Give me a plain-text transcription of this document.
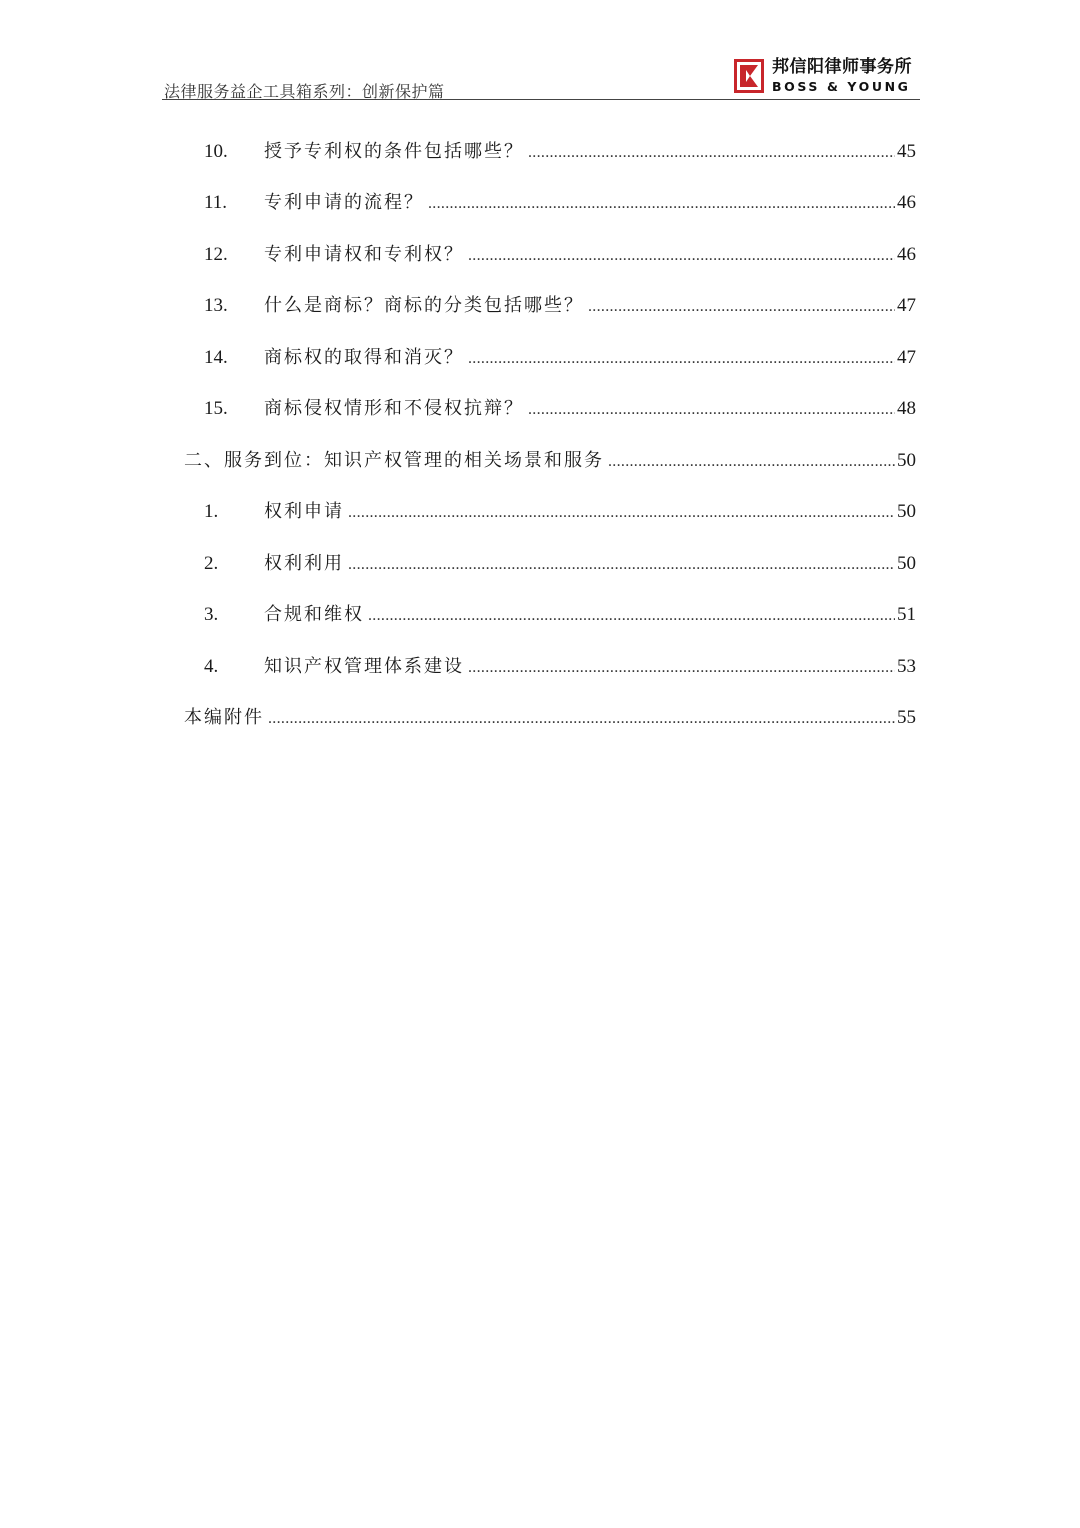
法律服务益企工具箱系列：创新保护篇
邦信阳律师事务所
BOSS & YOUNG
10.	授予专利权的条件包括哪些？ .....	45
11.	专利申请的流程？ .....	46
12.	专利申请权和专利权？ .....	46
13.	什么是商标？商标的分类包括哪些？ .....	47
14.	商标权的取得和消灭？ .....	47
15.	商标侵权情形和不侵权抗辩？ .....	48
二、服务到位：知识产权管理的相关场景和服务 .....	50
1.	权利申请 .....	50
2.	权利利用 .....	50
3.	合规和维权 .....	51
4.	知识产权管理体系建设 .....	53
本编附件 .....	55
